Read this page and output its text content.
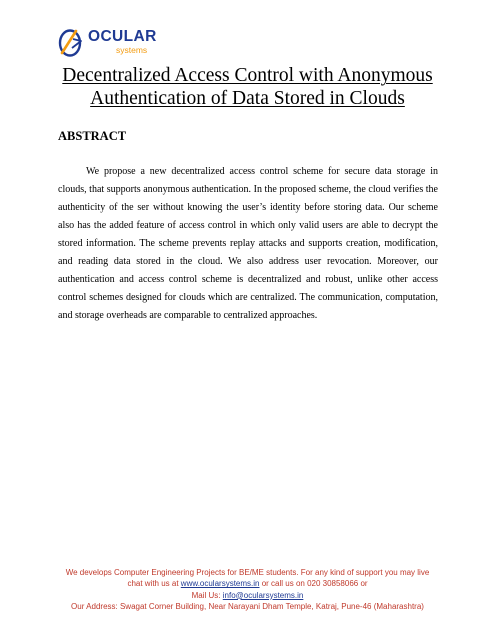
OCULAR
systems
Decentralized Access Control with Anonymous Authentication of Data Stored in Clouds
ABSTRACT

We propose a new decentralized access control scheme for secure data storage in clouds, that supports anonymous authentication. In the proposed scheme, the cloud verifies the authenticity of the ser without knowing the user’s identity before storing data. Our scheme also has the added feature of access control in which only valid users are able to decrypt the stored information. The scheme prevents replay attacks and supports creation, modification, and reading data stored in the cloud. We also address user revocation. Moreover, our authentication and access control scheme is decentralized and robust, unlike other access control schemes designed for clouds which are centralized. The communication, computation, and storage overheads are comparable to centralized approaches.

We develops Computer Engineering Projects for BE/ME students. For any kind of support you may live
chat with us at www.ocularsystems.in or call us on 020 30858066 or
Mail Us: info@ocularsystems.in
Our Address: Swagat Corner Building, Near Narayani Dham Temple, Katraj, Pune-46 (Maharashtra)
